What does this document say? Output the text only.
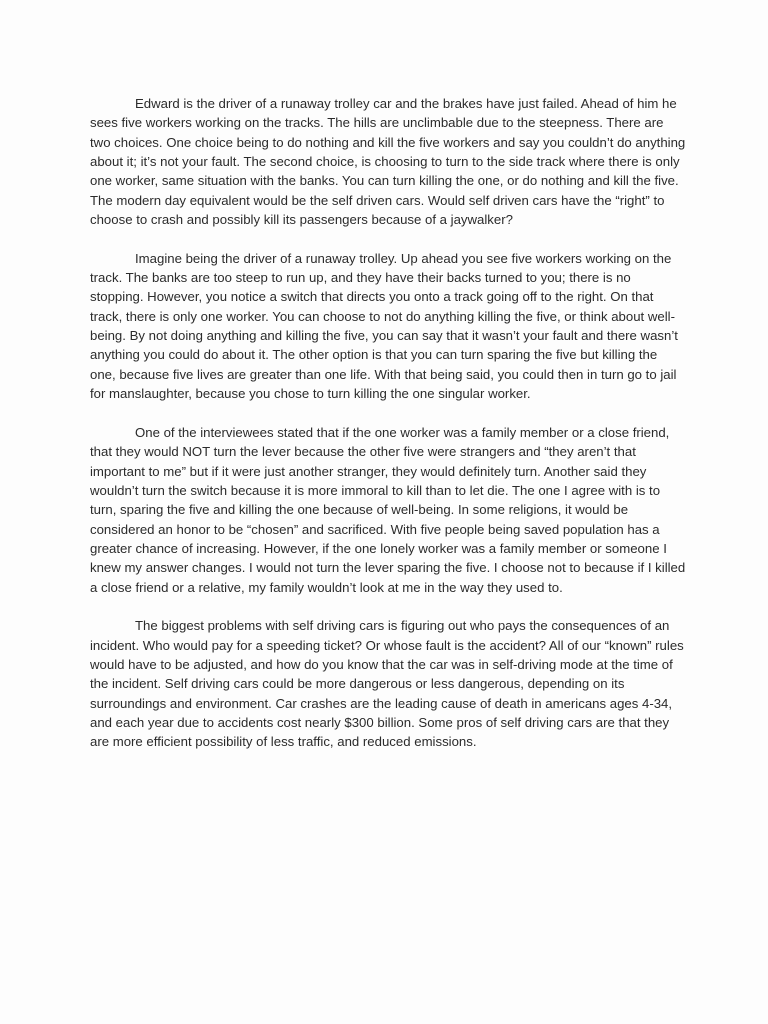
Edward is the driver of a runaway trolley car and the brakes have just failed. Ahead of him he sees five workers working on the tracks. The hills are unclimbable due to the steepness. There are two choices. One choice being to do nothing and kill the five workers and say you couldn’t do anything about it; it’s not your fault. The second choice, is choosing to turn to the side track where there is only one worker, same situation with the banks. You can turn killing the one, or do nothing and kill the five. The modern day equivalent would be the self driven cars. Would self driven cars have the “right” to choose to crash and possibly kill its passengers because of a jaywalker?

Imagine being the driver of a runaway trolley. Up ahead you see five workers working on the track. The banks are too steep to run up, and they have their backs turned to you; there is no stopping. However, you notice a switch that directs you onto a track going off to the right. On that track, there is only one worker. You can choose to not do anything killing the five, or think about well-being. By not doing anything and killing the five, you can say that it wasn’t your fault and there wasn’t anything you could do about it. The other option is that you can turn sparing the five but killing the one, because five lives are greater than one life. With that being said, you could then in turn go to jail for manslaughter, because you chose to turn killing the one singular worker.

One of the interviewees stated that if the one worker was a family member or a close friend, that they would NOT turn the lever because the other five were strangers and “they aren’t that important to me” but if it were just another stranger, they would definitely turn. Another said they wouldn’t turn the switch because it is more immoral to kill than to let die. The one I agree with is to turn, sparing the five and killing the one because of well-being. In some religions, it would be considered an honor to be “chosen” and sacrificed. With five people being saved population has a greater chance of increasing. However, if the one lonely worker was a family member or someone I knew my answer changes. I would not turn the lever sparing the five. I choose not to because if I killed a close friend or a relative, my family wouldn’t look at me in the way they used to.

The biggest problems with self driving cars is figuring out who pays the consequences of an incident. Who would pay for a speeding ticket? Or whose fault is the accident? All of our “known” rules would have to be adjusted, and how do you know that the car was in self-driving mode at the time of the incident. Self driving cars could be more dangerous or less dangerous, depending on its surroundings and environment. Car crashes are the leading cause of death in americans ages 4-34, and each year due to accidents cost nearly $300 billion. Some pros of self driving cars are that they are more efficient possibility of less traffic, and reduced emissions.
